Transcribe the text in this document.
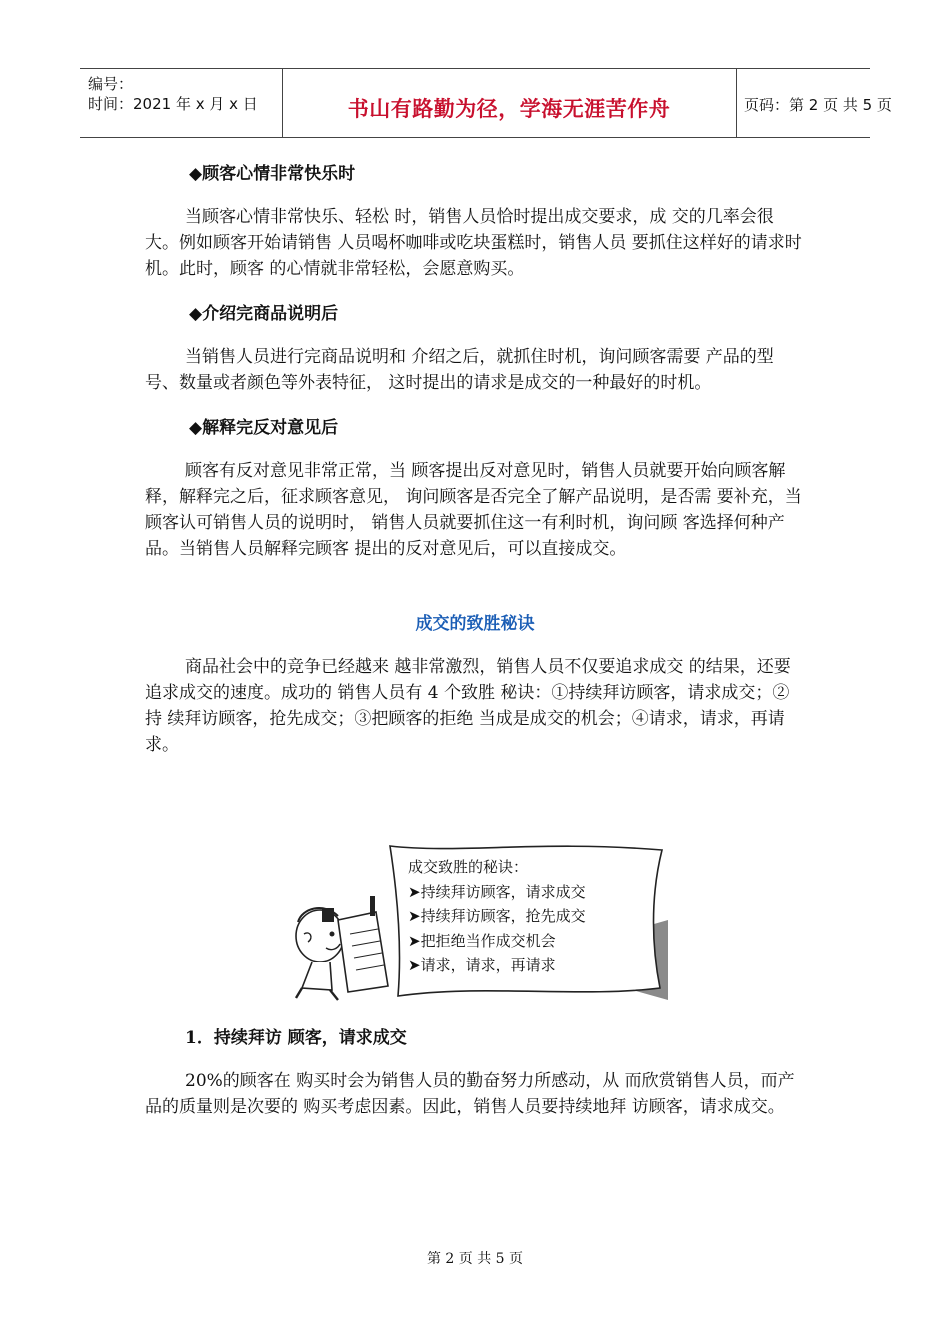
编号：
时间：2021 年 x 月 x 日	书山有路勤为径，学海无涯苦作舟	页码：第 2 页 共 5 页
◆顾客心情非常快乐时

当顾客心情非常快乐、轻松 时，销售人员恰时提出成交要求，成 交的几率会很大。例如顾客开始请销售 人员喝杯咖啡或吃块蛋糕时，销售人员 要抓住这样好的请求时机。此时，顾客 的心情就非常轻松，会愿意购买。

◆介绍完商品说明后

当销售人员进行完商品说明和 介绍之后，就抓住时机，询问顾客需要 产品的型号、数量或者颜色等外表特征， 这时提出的请求是成交的一种最好的时机。

◆解释完反对意见后

顾客有反对意见非常正常，当 顾客提出反对意见时，销售人员就要开始向顾客解释，解释完之后，征求顾客意见， 询问顾客是否完全了解产品说明，是否需 要补充，当顾客认可销售人员的说明时， 销售人员就要抓住这一有利时机，询问顾 客选择何种产品。当销售人员解释完顾客 提出的反对意见后，可以直接成交。

成交的致胜秘诀

商品社会中的竞争已经越来 越非常激烈，销售人员不仅要追求成交 的结果，还要追求成交的速度。成功的 销售人员有 4 个致胜 秘诀：①持续拜访顾客，请求成交；②持 续拜访顾客，抢先成交；③把顾客的拒绝 当成是成交的机会；④请求，请求，再请求。

成交致胜的秘诀：
➤持续拜访顾客，请求成交
➤持续拜访顾客，抢先成交
➤把拒绝当作成交机会
➤请求，请求，再请求
1．持续拜访 顾客，请求成交

20%的顾客在 购买时会为销售人员的勤奋努力所感动，从 而欣赏销售人员，而产品的质量则是次要的 购买考虑因素。因此，销售人员要持续地拜 访顾客，请求成交。

第 2 页 共 5 页
